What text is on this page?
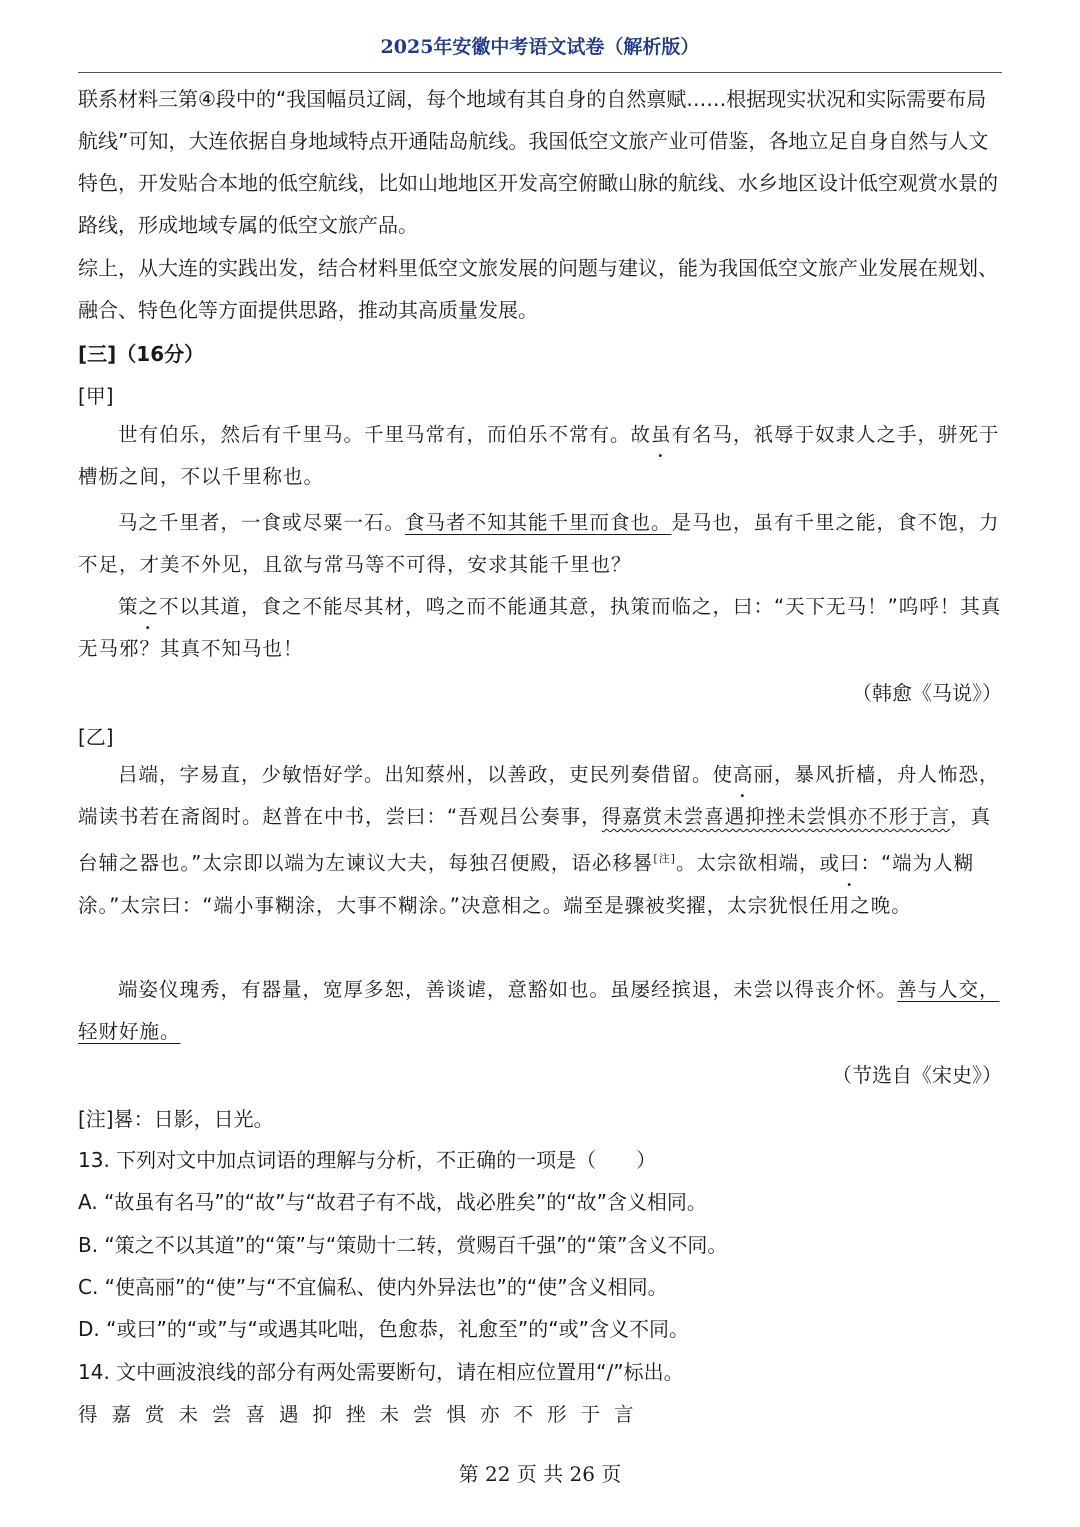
2025年安徽中考语文试卷（解析版）
联系材料三第④段中的“我国幅员辽阔，每个地域有其自身的自然禀赋……根据现实状况和实际需要布局航线”可知，大连依据自身地域特点开通陆岛航线。我国低空文旅产业可借鉴，各地立足自身自然与人文特色，开发贴合本地的低空航线，比如山地地区开发高空俯瞰山脉的航线、水乡地区设计低空观赏水景的路线，形成地域专属的低空文旅产品。
综上，从大连的实践出发，结合材料里低空文旅发展的问题与建议，能为我国低空文旅产业发展在规划、融合、特色化等方面提供思路，推动其高质量发展。
[三]（16分）
[甲]
世有伯乐，然后有千里马。千里马常有，而伯乐不常有。故虽有名马，祇辱于奴隶人之手，骈死于槽枥之间，不以千里称也。
马之千里者，一食或尽粟一石。食马者不知其能千里而食也。是马也，虽有千里之能，食不饱，力不足，才美不外见，且欲与常马等不可得，安求其能千里也？
策之不以其道，食之不能尽其材，鸣之而不能通其意，执策而临之，曰：“天下无马！”呜呼！其真无马邪？其真不知马也！
（韩愈《马说》）
[乙]
吕端，字易直，少敏悟好学。出知蔡州，以善政，吏民列奏借留。使高丽，暴风折樯，舟人怖恐，端读书若在斋阁时。赵普在中书，尝曰：“吾观吕公奏事，得嘉赏未尝喜遇抑挫未尝惧亦不形于言，真台辅之器也。”太宗即以端为左谏议大夫，每独召便殿，语必移晷[注]。太宗欲相端，或曰：“端为人糊涂。”太宗曰：“端小事糊涂，大事不糊涂。”决意相之。端至是骤被奖擢，太宗犹恨任用之晚。
端姿仪瑰秀，有器量，宽厚多恕，善谈谑，意豁如也。虽屡经摈退，未尝以得丧介怀。善与人交，轻财好施。
（节选自《宋史》）
[注]晷：日影，日光。
13. 下列对文中加点词语的理解与分析，不正确的一项是（　　）
A. “故虽有名马”的“故”与“故君子有不战，战必胜矣”的“故”含义相同。
B. “策之不以其道”的“策”与“策勋十二转，赏赐百千强”的“策”含义不同。
C. “使高丽”的“使”与“不宜偏私、使内外异法也”的“使”含义相同。
D. “或曰”的“或”与“或遇其叱咄，色愈恭，礼愈至”的“或”含义不同。
14. 文中画波浪线的部分有两处需要断句，请在相应位置用“/”标出。
得嘉赏未尝喜遇抑挫未尝惧亦不形于言
第 22 页 共 26 页
